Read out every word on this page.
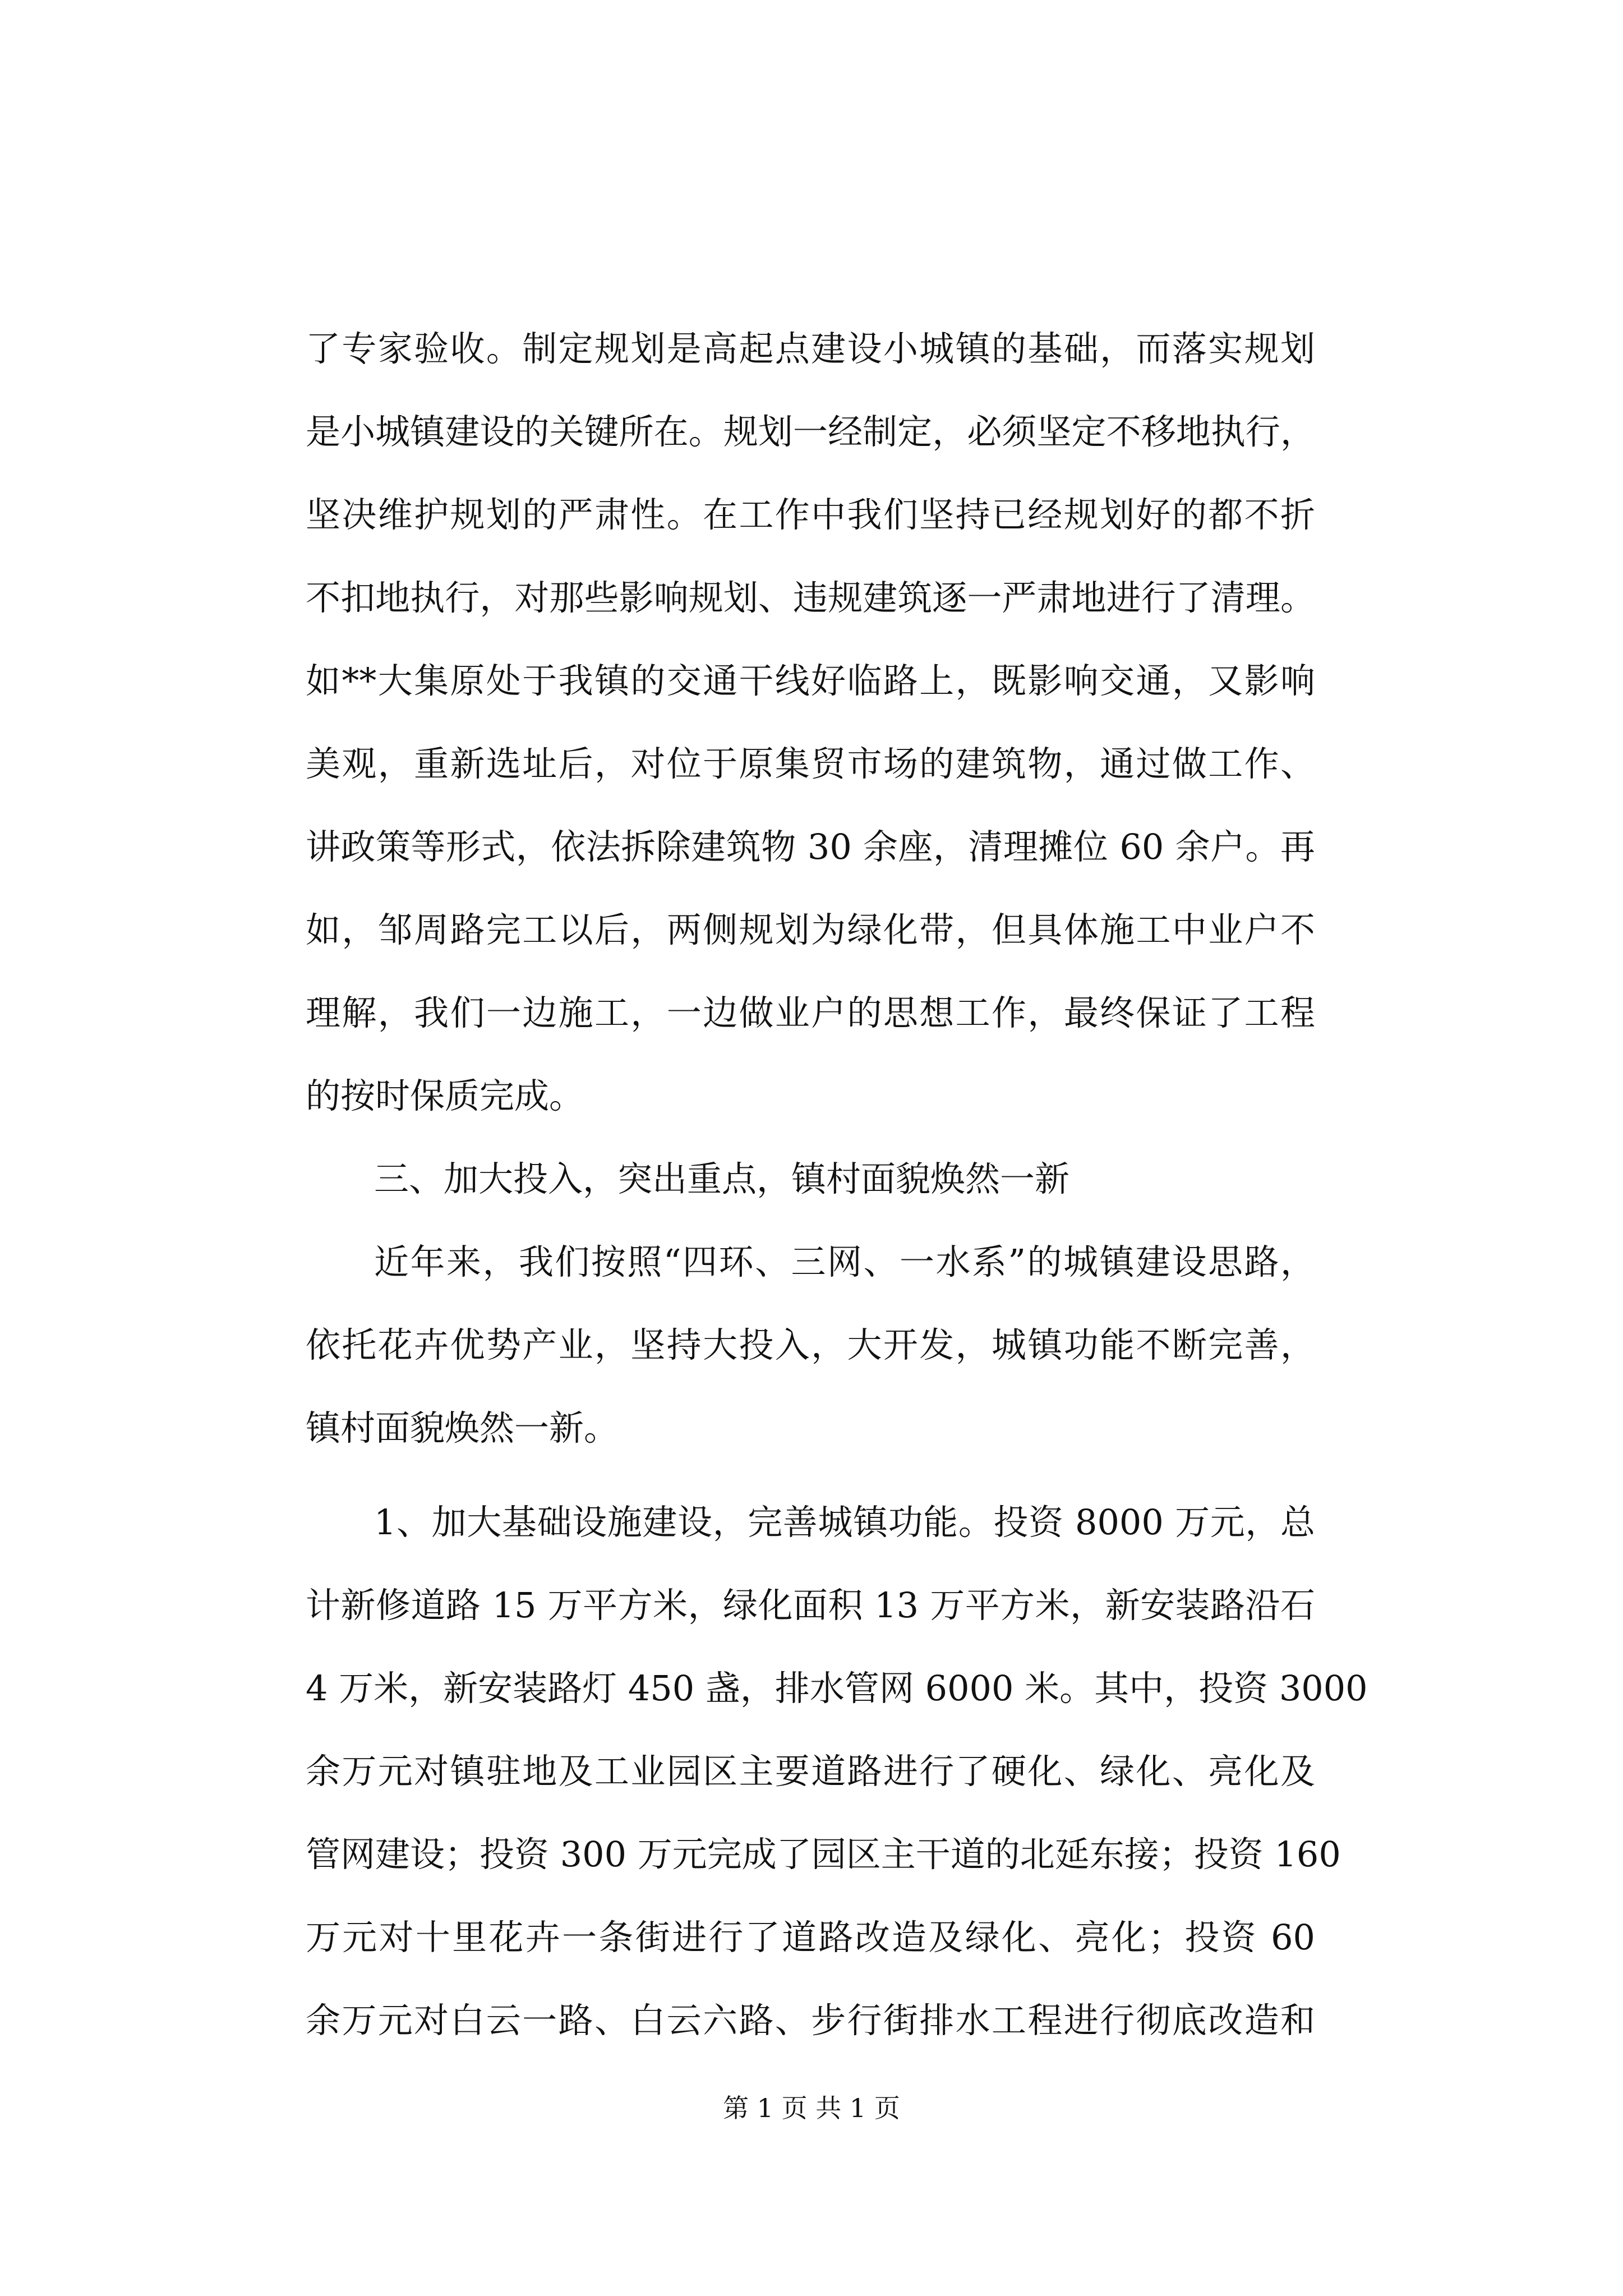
了专家验收。制定规划是高起点建设小城镇的基础，而落实规划
是小城镇建设的关键所在。规划一经制定，必须坚定不移地执行，
坚决维护规划的严肃性。在工作中我们坚持已经规划好的都不折
不扣地执行，对那些影响规划、违规建筑逐一严肃地进行了清理。
如**大集原处于我镇的交通干线好临路上，既影响交通，又影响
美观，重新选址后，对位于原集贸市场的建筑物，通过做工作、
讲政策等形式，依法拆除建筑物 30 余座，清理摊位 60 余户。再
如，邹周路完工以后，两侧规划为绿化带，但具体施工中业户不
理解，我们一边施工，一边做业户的思想工作，最终保证了工程
的按时保质完成。
三、加大投入，突出重点，镇村面貌焕然一新
近年来，我们按照“四环、三网、一水系”的城镇建设思路，
依托花卉优势产业，坚持大投入，大开发，城镇功能不断完善，
镇村面貌焕然一新。
1、加大基础设施建设，完善城镇功能。投资 8000 万元，总
计新修道路 15 万平方米，绿化面积 13 万平方米，新安装路沿石
4 万米，新安装路灯 450 盏，排水管网 6000 米。其中，投资 3000
余万元对镇驻地及工业园区主要道路进行了硬化、绿化、亮化及
管网建设；投资 300 万元完成了园区主干道的北延东接；投资 160
万元对十里花卉一条街进行了道路改造及绿化、亮化；投资 60
余万元对白云一路、白云六路、步行街排水工程进行彻底改造和
第 1 页 共 1 页
